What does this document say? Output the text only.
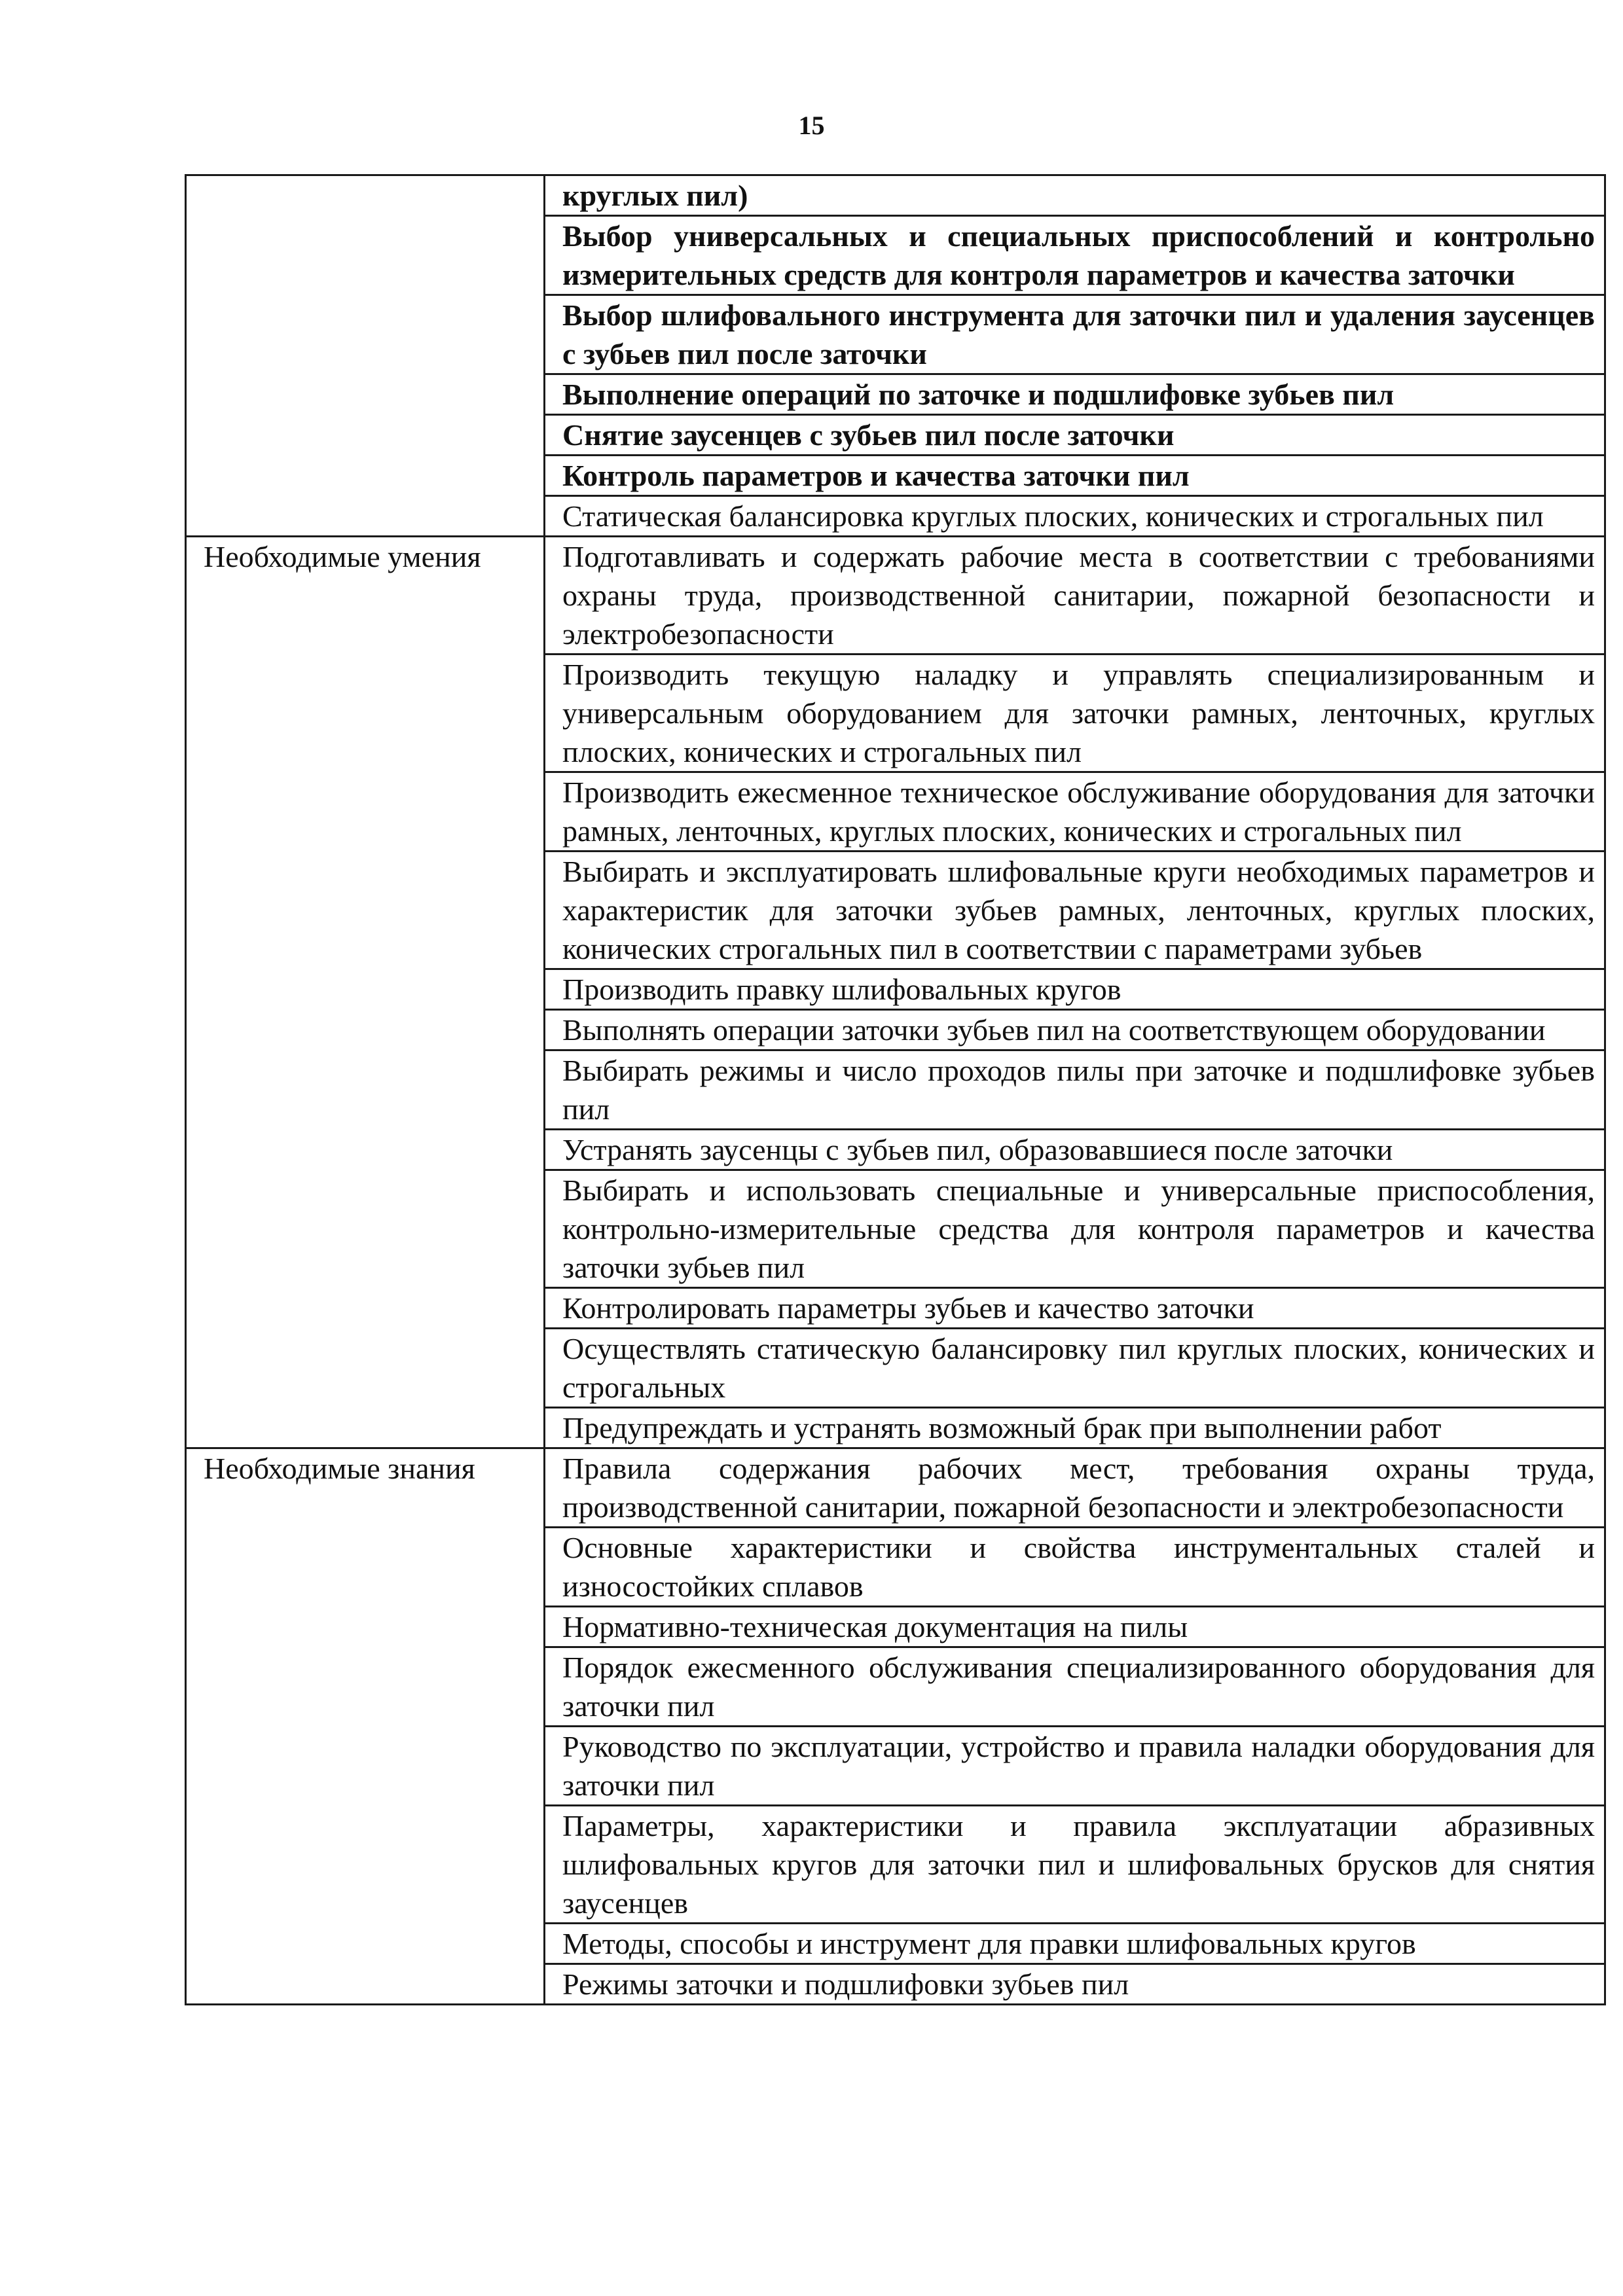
15
	круглых пил)
	Выбор универсальных и специальных приспособлений и контрольно измерительных средств для контроля параметров и качества заточки
	Выбор шлифовального инструмента для заточки пил и удаления заусенцев с зубьев пил после заточки
	Выполнение операций по заточке и подшлифовке зубьев пил
	Снятие заусенцев с зубьев пил после заточки
	Контроль параметров и качества заточки пил
	Статическая балансировка круглых плоских, конических и строгальных пил
Необходимые умения	Подготавливать и содержать рабочие места в соответствии с требованиями охраны труда, производственной санитарии, пожарной безопасности и электробезопасности
	Производить текущую наладку и управлять специализированным и универсальным оборудованием для заточки рамных, ленточных, круглых плоских, конических и строгальных пил
	Производить ежесменное техническое обслуживание оборудования для заточки рамных, ленточных, круглых плоских, конических и строгальных пил
	Выбирать и эксплуатировать шлифовальные круги необходимых параметров и характеристик для заточки зубьев рамных, ленточных, круглых плоских, конических строгальных пил в соответствии с параметрами зубьев
	Производить правку шлифовальных кругов
	Выполнять операции заточки зубьев пил на соответствующем оборудовании
	Выбирать режимы и число проходов пилы при заточке и подшлифовке зубьев пил
	Устранять заусенцы с зубьев пил, образовавшиеся после заточки
	Выбирать и использовать специальные и универсальные приспособления, контрольно-измерительные средства для контроля параметров и качества заточки зубьев пил
	Контролировать параметры зубьев и качество заточки
	Осуществлять статическую балансировку пил круглых плоских, конических и строгальных
	Предупреждать и устранять возможный брак при выполнении работ
Необходимые знания	Правила содержания рабочих мест, требования охраны труда, производственной санитарии, пожарной безопасности и электробезопасности
	Основные характеристики и свойства инструментальных сталей и износостойких сплавов
	Нормативно-техническая документация на пилы
	Порядок ежесменного обслуживания специализированного оборудования для заточки пил
	Руководство по эксплуатации, устройство и правила наладки оборудования для заточки пил
	Параметры, характеристики и правила эксплуатации абразивных шлифовальных кругов для заточки пил и шлифовальных брусков для снятия заусенцев
	Методы, способы и инструмент для правки шлифовальных кругов
	Режимы заточки и подшлифовки зубьев пил
